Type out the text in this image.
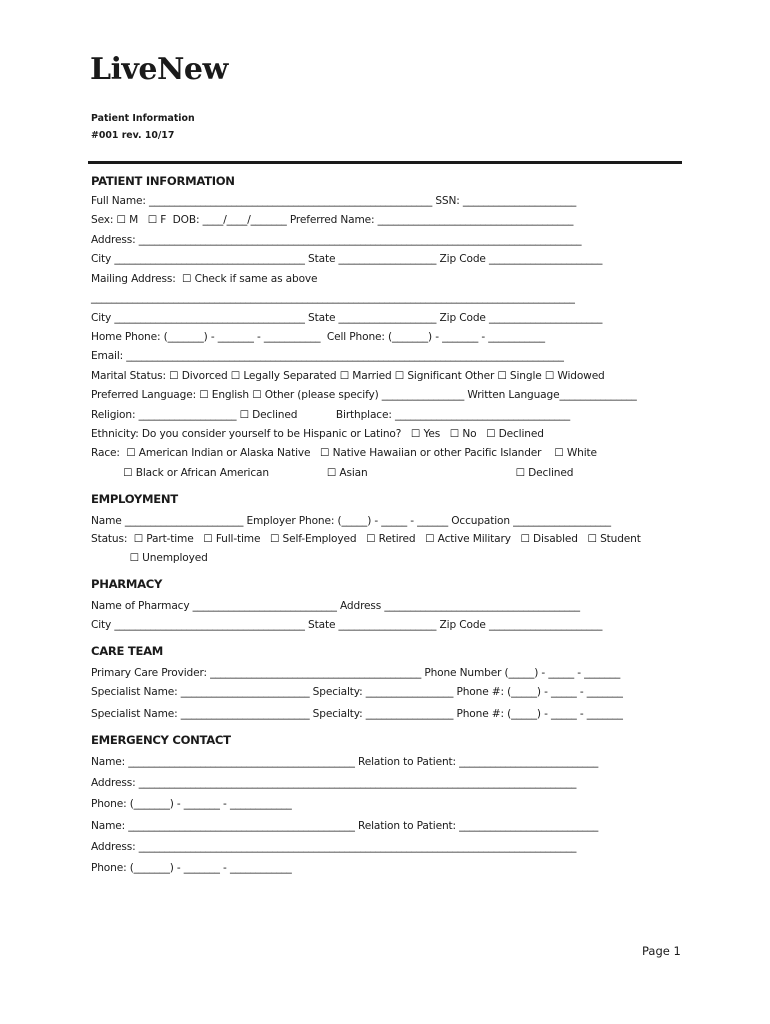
LiveNew
Patient Information
#001 rev. 10/17
PATIENT INFORMATION
Full Name: _______________________________________________________ SSN: ______________________
Sex: ☐ M   ☐ F  DOB: ____/____/_______ Preferred Name: ______________________________________
Address: ______________________________________________________________________________________
City _____________________________________ State ___________________ Zip Code ______________________
Mailing Address:  ☐ Check if same as above
______________________________________________________________________________________________
City _____________________________________ State ___________________ Zip Code ______________________
Home Phone: (_______) - _______ - ___________  Cell Phone: (_______) - _______ - ___________
Email: _____________________________________________________________________________________
Marital Status: ☐ Divorced ☐ Legally Separated ☐ Married ☐ Significant Other ☐ Single ☐ Widowed
Preferred Language: ☐ English ☐ Other (please specify) ________________ Written Language_______________
Religion: ___________________ ☐ Declined            Birthplace: __________________________________
Ethnicity: Do you consider yourself to be Hispanic or Latino?   ☐ Yes   ☐ No   ☐ Declined
Race:  ☐ American Indian or Alaska Native   ☐ Native Hawaiian or other Pacific Islander    ☐ White
☐ Black or African American                  ☐ Asian                                              ☐ Declined
EMPLOYMENT
Name _______________________ Employer Phone: (_____) - _____ - ______ Occupation ___________________
Status:  ☐ Part-time   ☐ Full-time   ☐ Self-Employed   ☐ Retired   ☐ Active Military   ☐ Disabled   ☐ Student
☐ Unemployed
PHARMACY
Name of Pharmacy ____________________________ Address ______________________________________
City _____________________________________ State ___________________ Zip Code ______________________
CARE TEAM
Primary Care Provider: _________________________________________ Phone Number (_____) - _____ - _______
Specialist Name: _________________________ Specialty: _________________ Phone #: (_____) - _____ - _______
Specialist Name: _________________________ Specialty: _________________ Phone #: (_____) - _____ - _______
EMERGENCY CONTACT
Name: ____________________________________________ Relation to Patient: ___________________________
Address: _____________________________________________________________________________________
Phone: (_______) - _______ - ____________
Name: ____________________________________________ Relation to Patient: ___________________________
Address: _____________________________________________________________________________________
Phone: (_______) - _______ - ____________
Page 1
